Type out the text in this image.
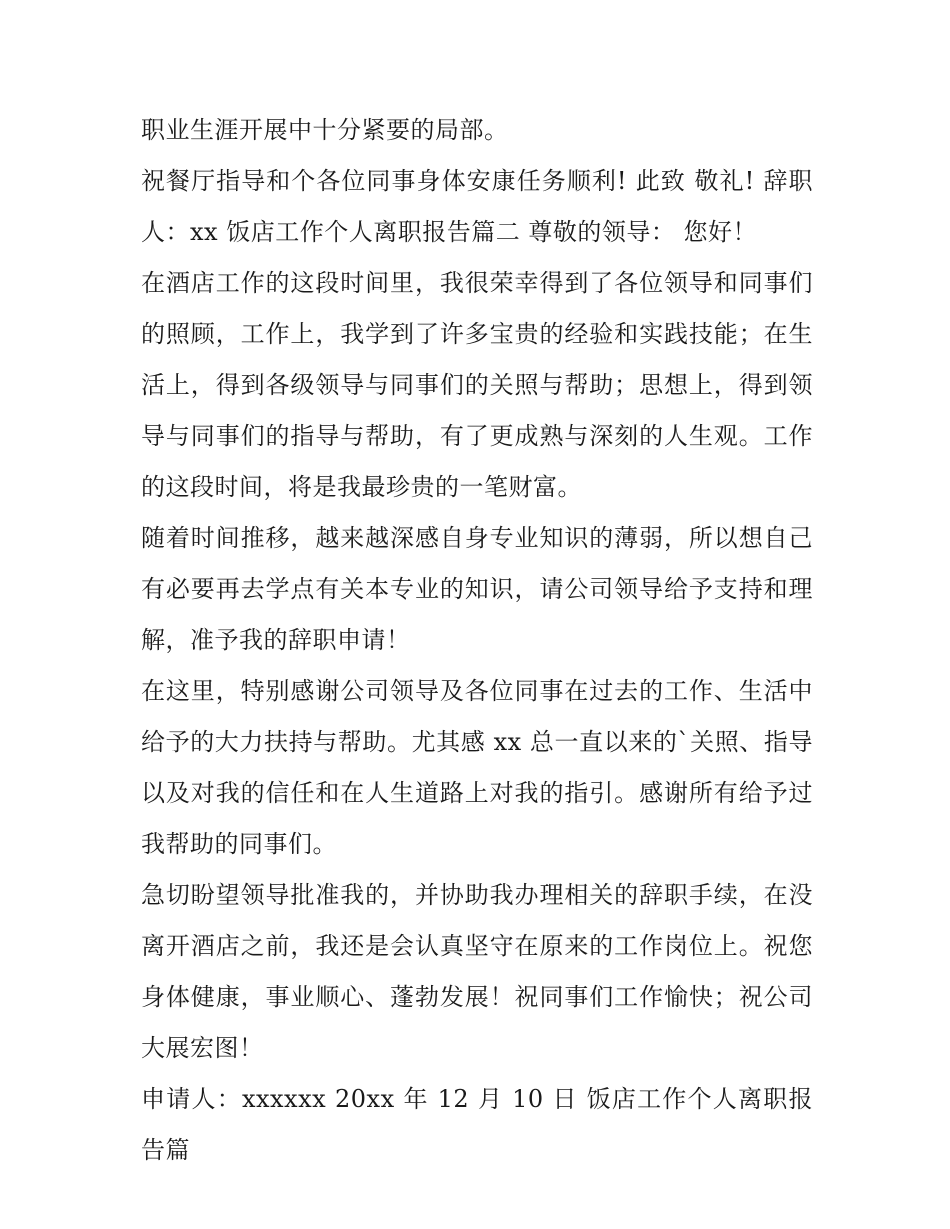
职业生涯开展中十分紧要的局部。

祝餐厅指导和个各位同事身体安康任务顺利! 此致 敬礼! 辞职人：xx 饭店工作个人离职报告篇二 尊敬的领导： 您好！

在酒店工作的这段时间里，我很荣幸得到了各位领导和同事们的照顾，工作上，我学到了许多宝贵的经验和实践技能；在生活上，得到各级领导与同事们的关照与帮助；思想上，得到领导与同事们的指导与帮助，有了更成熟与深刻的人生观。工作的这段时间，将是我最珍贵的一笔财富。

随着时间推移，越来越深感自身专业知识的薄弱，所以想自己有必要再去学点有关本专业的知识，请公司领导给予支持和理解，准予我的辞职申请！

在这里，特别感谢公司领导及各位同事在过去的工作、生活中给予的大力扶持与帮助。尤其感 xx 总一直以来的`关照、指导以及对我的信任和在人生道路上对我的指引。感谢所有给予过我帮助的同事们。

急切盼望领导批准我的，并协助我办理相关的辞职手续，在没离开酒店之前，我还是会认真坚守在原来的工作岗位上。祝您身体健康，事业顺心、蓬勃发展！祝同事们工作愉快；祝公司大展宏图！

申请人：xxxxxx 20xx 年 12 月 10 日 饭店工作个人离职报告篇
